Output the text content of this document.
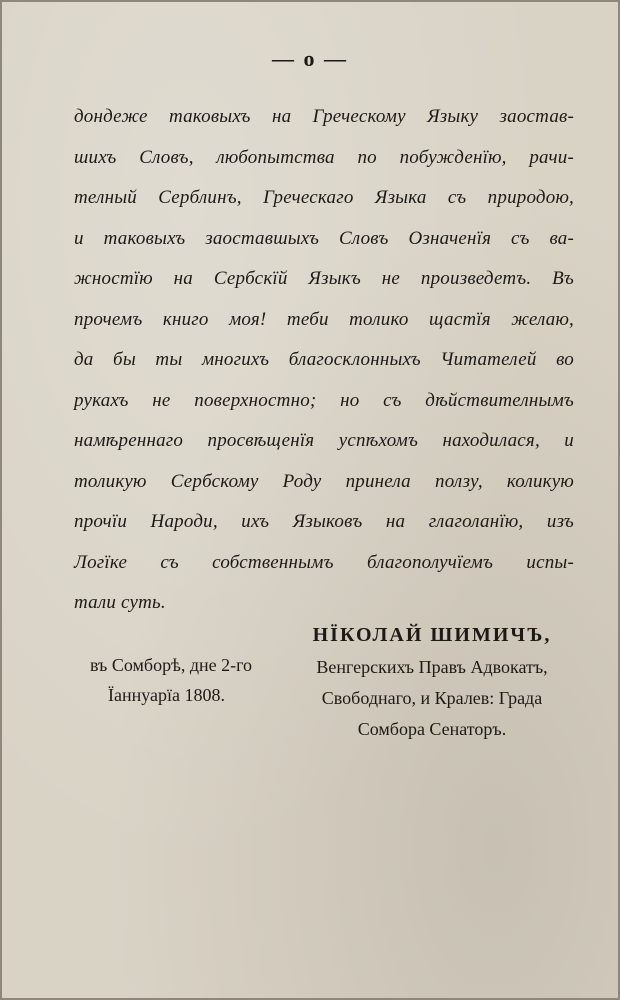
— о —
дондеже таковыхъ на Греческому Языку заостав-
шихъ Словъ, любопытства по побужденїю, рачи-
телный Серблинъ, Греческаго Языка съ природою,
и таковыхъ заоставшыхъ Словъ Означенїя съ ва-
жностїю на Сербскїй Языкъ не произведетъ. Въ
прочемъ книго моя! теби толико щастїя желаю,
да бы ты многихъ благосклонныхъ Читателей во
рукахъ не поверхностно; но съ дѣйствителнымъ
намѣреннаго просвѣщенїя успѣхомъ находилася, и
толикую Сербскому Роду принела ползу, коликую
прочїи Народи, ихъ Языковъ на глаголанїю, изъ
Логїке съ собственнымъ благополучїемъ испы-
тали суть.
въ Сомборѣ, дне 2-го
Їаннуарїа 1808.
НЇКОЛАЙ ШИМИЧЪ,
Венгерскихъ Правъ Адвокатъ,
Свободнаго, и Кралев: Града
Сомбора Сенаторъ.
